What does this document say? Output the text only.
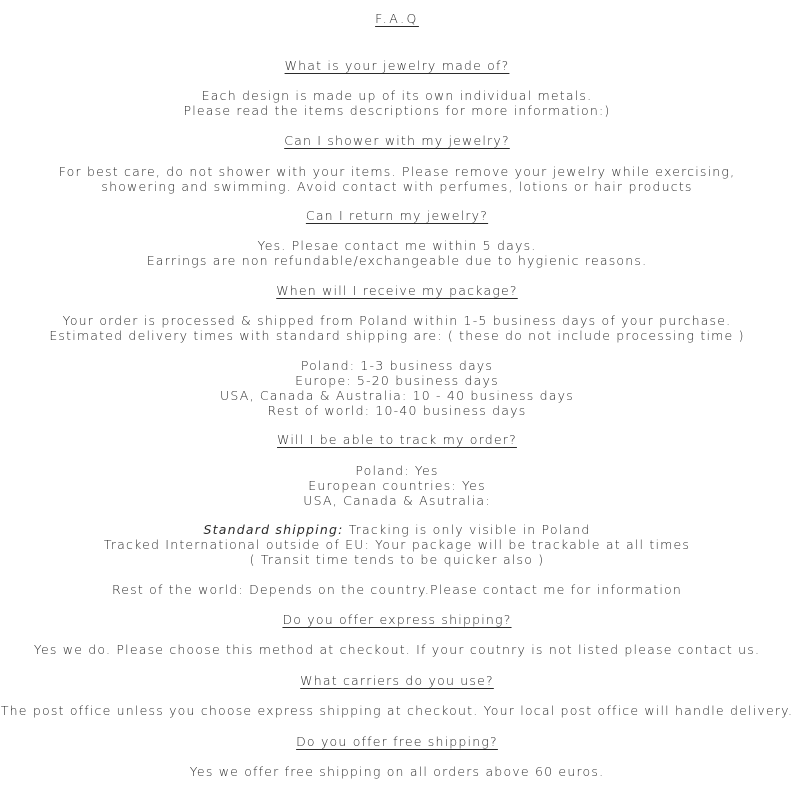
F.A.Q
What is your jewelry made of?
Each design is made up of its own individual metals.
Please read the items descriptions for more information:)
Can I shower with my jewelry?
For best care, do not shower with your items. Please remove your jewelry while exercising,
showering and swimming. Avoid contact with perfumes, lotions or hair products
Can I return my jewelry?
Yes. Plesae contact me within 5 days.
Earrings are non refundable/exchangeable due to hygienic reasons.
When will I receive my package?
Your order is processed & shipped from Poland within 1-5 business days of your purchase.
Estimated delivery times with standard shipping are: ( these do not include processing time )
Poland: 1-3 business days
Europe: 5-20 business days
USA, Canada & Australia: 10 - 40 business days
Rest of world: 10-40 business days
Will I be able to track my order?
Poland: Yes
European countries: Yes
USA, Canada & Asutralia:
Standard shipping: Tracking is only visible in Poland
Tracked International outside of EU: Your package will be trackable at all times
( Transit time tends to be quicker also )
Rest of the world: Depends on the country.Please contact me for information
Do you offer express shipping?
Yes we do. Please choose this method at checkout. If your coutnry is not listed please contact us.
What carriers do you use?
The post office unless you choose express shipping at checkout. Your local post office will handle delivery.
Do you offer free shipping?
Yes we offer free shipping on all orders above 60 euros.
